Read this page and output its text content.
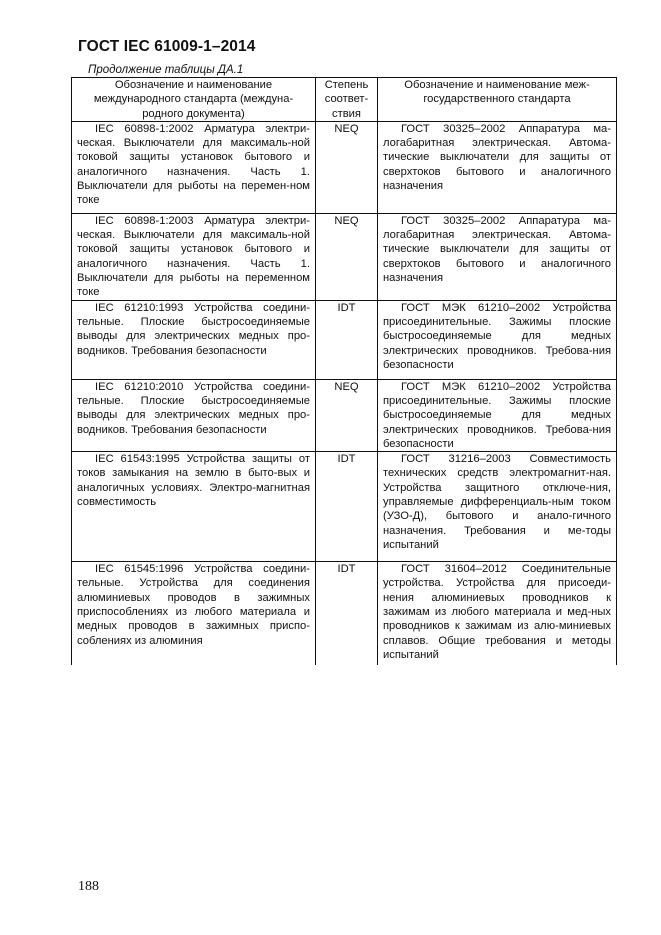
ГОСТ IEC 61009-1–2014
Продолжение таблицы ДА.1
Обозначение и наименование международного стандарта (междуна-родного документа)	Степень соответ-ствия	Обозначение и наименование меж-государственного стандарта
IEC 60898-1:2002 Арматура электри-ческая. Выключатели для максималь-ной токовой защиты установок бытового и аналогичного назначения. Часть 1. Выключатели для рыботы на перемен-ном токе	NEQ	ГОСТ 30325–2002 Аппаратура ма-логабаритная электрическая. Автома-тические выключатели для защиты от сверхтоков бытового и аналогичного назначения
IEC 60898-1:2003 Арматура электри-ческая. Выключатели для максималь-ной токовой защиты установок бытового и аналогичного назначения. Часть 1. Выключатели для рыботы на переменном токе	NEQ	ГОСТ 30325–2002 Аппаратура ма-логабаритная электрическая. Автома-тические выключатели для защиты от сверхтоков бытового и аналогичного назначения
IEC 61210:1993 Устройства соедини-тельные. Плоские быстросоединяемые выводы для электрических медных про-водников. Требования безопасности	IDT	ГОСТ МЭК 61210–2002 Устройства присоединительные. Зажимы плоские быстросоединяемые для медных электрических проводников. Требова-ния безопасности
IEC 61210:2010 Устройства соедини-тельные. Плоские быстросоединяемые выводы для электрических медных про-водников. Требования безопасности	NEQ	ГОСТ МЭК 61210–2002 Устройства присоединительные. Зажимы плоские быстросоединяемые для медных электрических проводников. Требова-ния безопасности
IEC 61543:1995 Устройства защиты от токов замыкания на землю в быто-вых и аналогичных условиях. Электро-магнитная совместимость	IDT	ГОСТ 31216–2003 Совместимость технических средств электромагнит-ная. Устройства защитного отключе-ния, управляемые дифференциаль-ным током (УЗО-Д), бытового и анало-гичного назначения. Требования и ме-тоды испытаний
IEC 61545:1996 Устройства соедини-тельные. Устройства для соединения алюминиевых проводов в зажимных приспособлениях из любого материала и медных проводов в зажимных приспо-соблениях из алюминия	IDT	ГОСТ 31604–2012 Соединительные устройства. Устройства для присоеди-нения алюминиевых проводников к зажимам из любого материала и мед-ных проводников к зажимам из алю-миниевых сплавов. Общие требования и методы испытаний
188
